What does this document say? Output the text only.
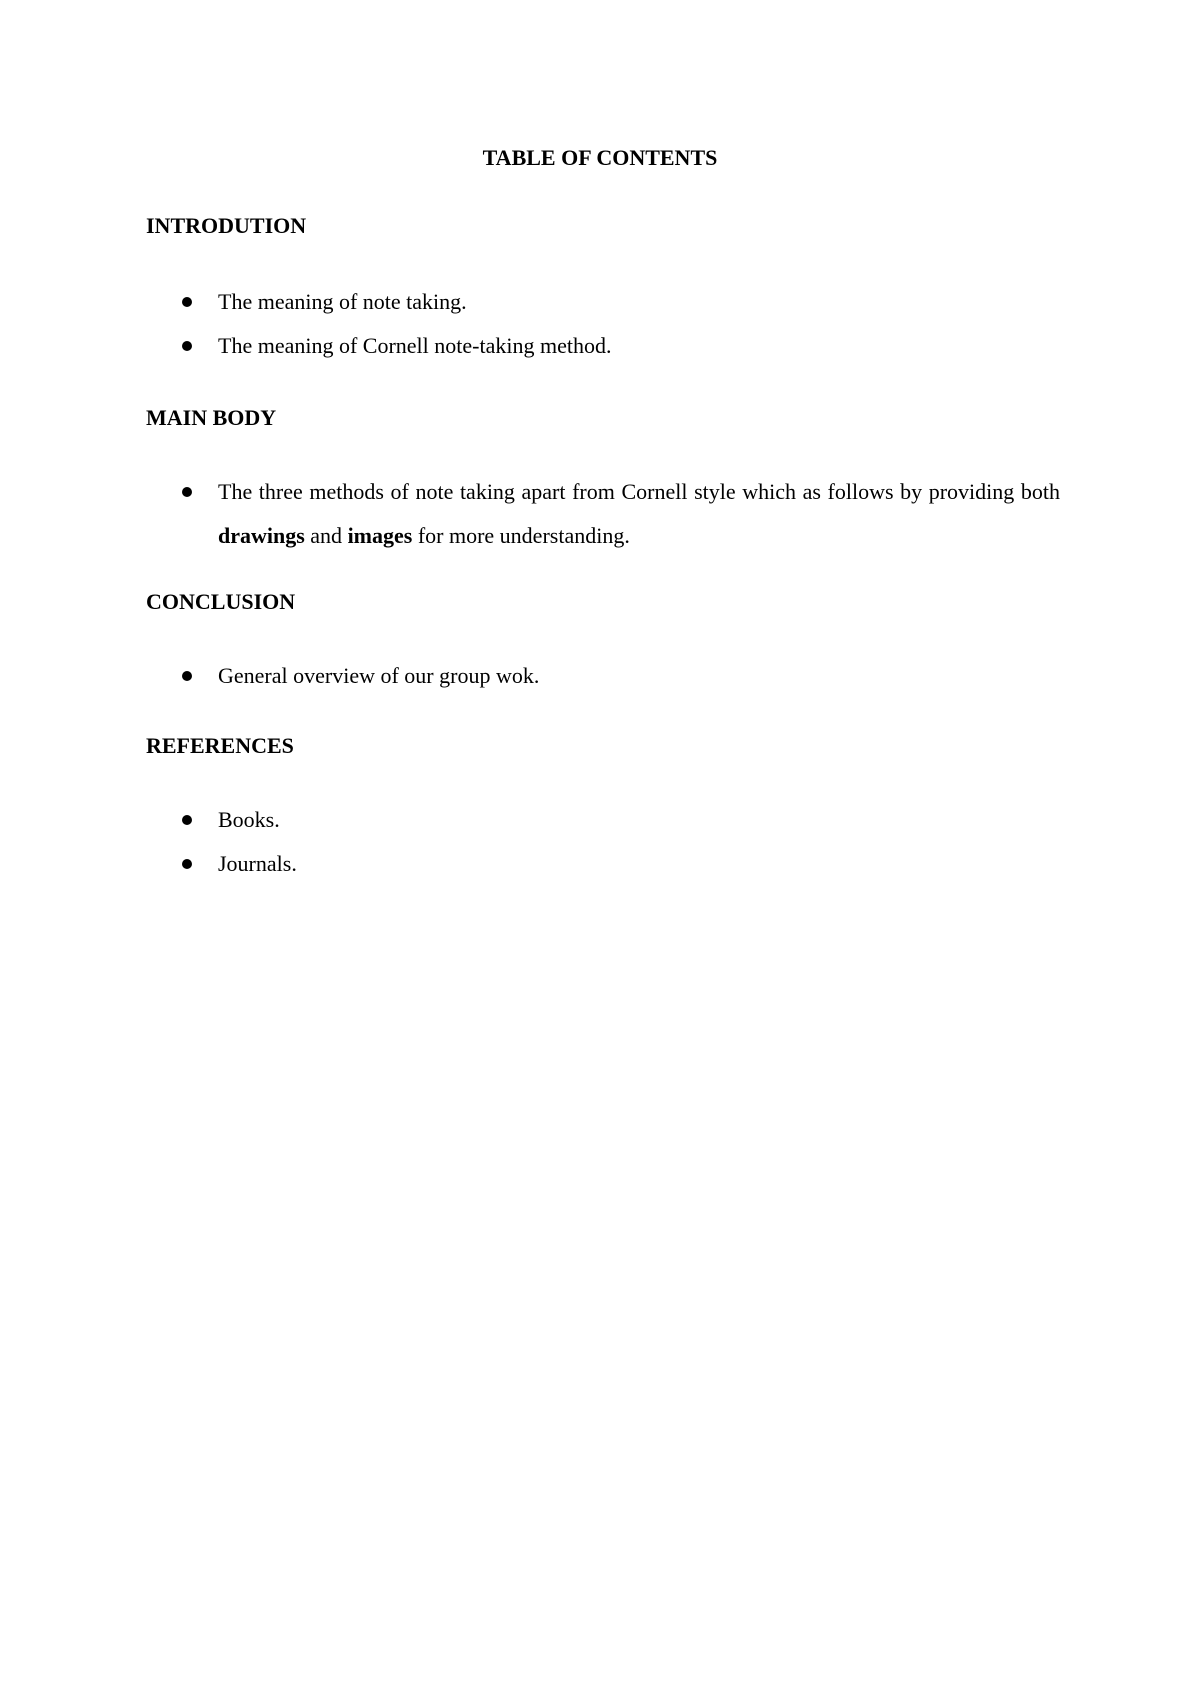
TABLE OF CONTENTS
INTRODUTION
The meaning of note taking.
The meaning of Cornell note-taking method.
MAIN BODY
The three methods of note taking apart from Cornell style which as follows by providing both drawings and images for more understanding.
CONCLUSION
General overview of our group wok.
REFERENCES
Books.
Journals.
